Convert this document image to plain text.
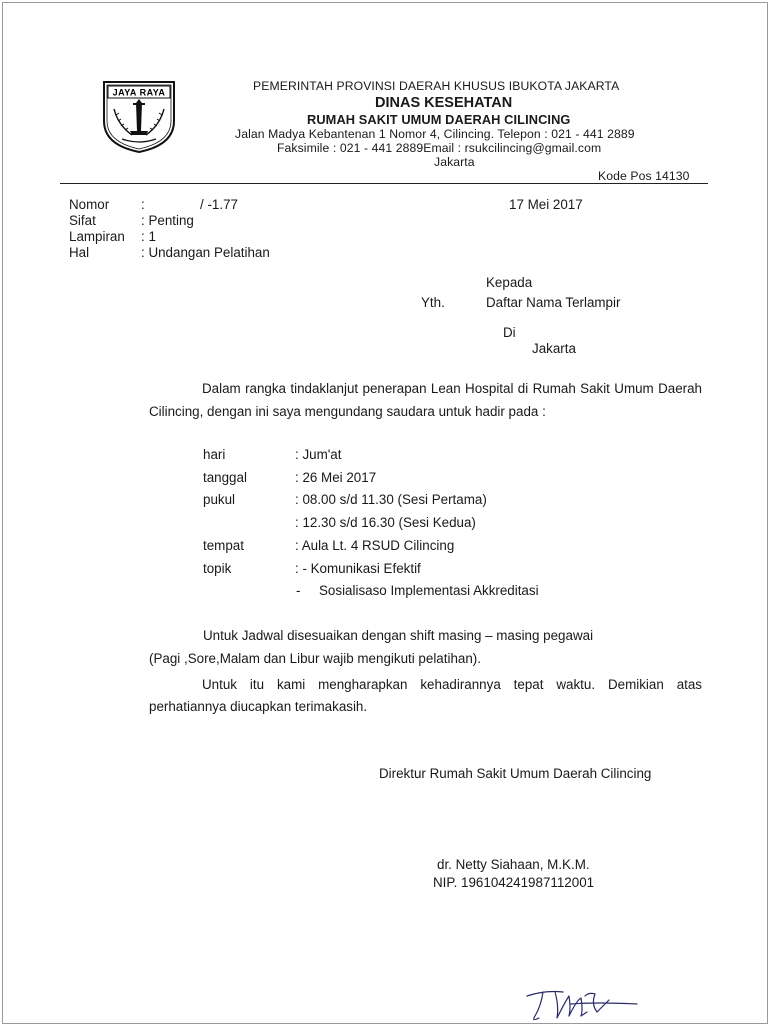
JAYA RAYA	PEMERINTAH PROVINSI DAERAH KHUSUS IBUKOTA JAKARTA
DINAS KESEHATAN
RUMAH SAKIT UMUM DAERAH CILINCING
Jalan Madya Kebantenan 1 Nomor 4, Cilincing. Telepon : 021 - 441 2889
Faksimile : 021 - 441 2889Email : rsukcilincing@gmail.com
Jakarta
Kode Pos 14130
Nomor :	/ -1.77	17 Mei 2017
Sifat	: Penting
Lampiran : 1
Hal	: Undangan Pelatihan
Kepada
Yth.	Daftar Nama Terlampir
Di
Jakarta
Dalam rangka tindaklanjut penerapan Lean Hospital di Rumah Sakit Umum Daerah Cilincing, dengan ini saya mengundang saudara untuk hadir pada :
hari	: Jum'at
tanggal	: 26 Mei 2017
pukul	: 08.00 s/d 11.30 (Sesi Pertama)
: 12.30 s/d 16.30 (Sesi Kedua)
tempat	: Aula Lt. 4 RSUD Cilincing
topik	: - Komunikasi Efektif
- Sosialisaso Implementasi Akkreditasi
Untuk Jadwal disesuaikan dengan shift masing – masing pegawai
(Pagi ,Sore,Malam dan Libur wajib mengikuti pelatihan).
Untuk itu kami mengharapkan kehadirannya tepat waktu. Demikian atas perhatiannya diucapkan terimakasih.
Direktur Rumah Sakit Umum Daerah Cilincing
dr. Netty Siahaan, M.K.M.
NIP. 196104241987112001
